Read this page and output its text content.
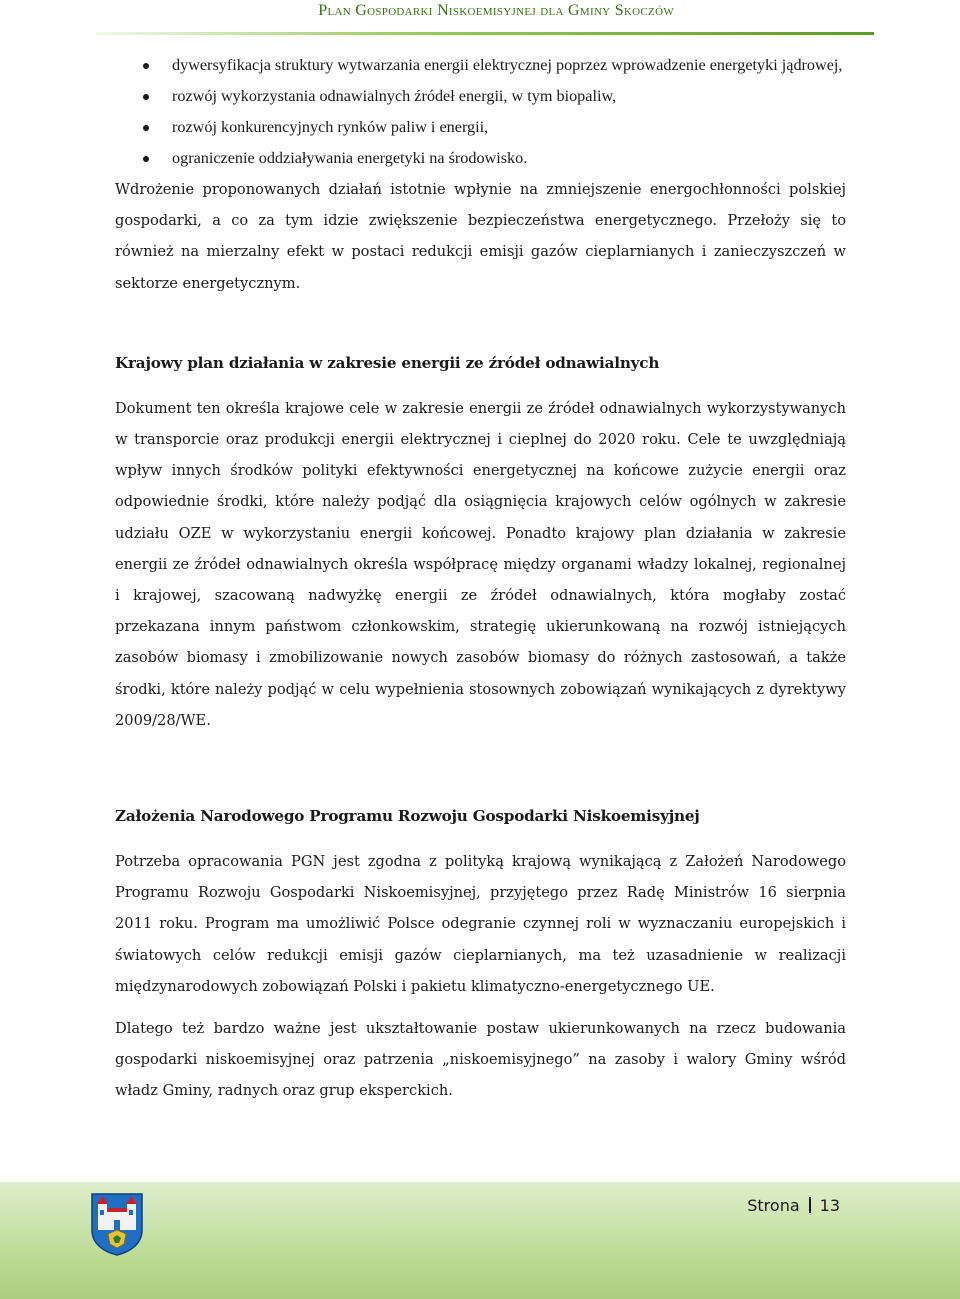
Plan Gospodarki Niskoemisyjnej dla Gminy Skoczów
dywersyfikacja struktury wytwarzania energii elektrycznej poprzez wprowadzenie energetyki jądrowej,
rozwój wykorzystania odnawialnych źródeł energii, w tym biopaliw,
rozwój konkurencyjnych rynków paliw i energii,
ograniczenie oddziaływania energetyki na środowisko.

Wdrożenie proponowanych działań istotnie wpłynie na zmniejszenie energochłonności polskiej gospodarki, a co za tym idzie zwiększenie bezpieczeństwa energetycznego. Przełoży się to również na mierzalny efekt w postaci redukcji emisji gazów cieplarnianych i zanieczyszczeń w sektorze energetycznym.

Krajowy plan działania w zakresie energii ze źródeł odnawialnych

Dokument ten określa krajowe cele w zakresie energii ze źródeł odnawialnych wykorzystywanych w transporcie oraz produkcji energii elektrycznej i cieplnej do 2020 roku. Cele te uwzględniają wpływ innych środków polityki efektywności energetycznej na końcowe zużycie energii oraz odpowiednie środki, które należy podjąć dla osiągnięcia krajowych celów ogólnych w zakresie udziału OZE w wykorzystaniu energii końcowej. Ponadto krajowy plan działania w zakresie energii ze źródeł odnawialnych określa współpracę między organami władzy lokalnej, regionalnej i krajowej, szacowaną nadwyżkę energii ze źródeł odnawialnych, która mogłaby zostać przekazana innym państwom członkowskim, strategię ukierunkowaną na rozwój istniejących zasobów biomasy i zmobilizowanie nowych zasobów biomasy do różnych zastosowań, a także środki, które należy podjąć w celu wypełnienia stosownych zobowiązań wynikających z dyrektywy 2009/28/WE.

Założenia Narodowego Programu Rozwoju Gospodarki Niskoemisyjnej

Potrzeba opracowania PGN jest zgodna z polityką krajową wynikającą z Założeń Narodowego Programu Rozwoju Gospodarki Niskoemisyjnej, przyjętego przez Radę Ministrów 16 sierpnia 2011 roku. Program ma umożliwić Polsce odegranie czynnej roli w wyznaczaniu europejskich i światowych celów redukcji emisji gazów cieplarnianych, ma też uzasadnienie w realizacji międzynarodowych zobowiązań Polski i pakietu klimatyczno-energetycznego UE.

Dlatego też bardzo ważne jest ukształtowanie postaw ukierunkowanych na rzecz budowania gospodarki niskoemisyjnej oraz patrzenia „niskoemisyjnego” na zasoby i walory Gminy wśród władz Gminy, radnych oraz grup eksperckich.

Strona 13
